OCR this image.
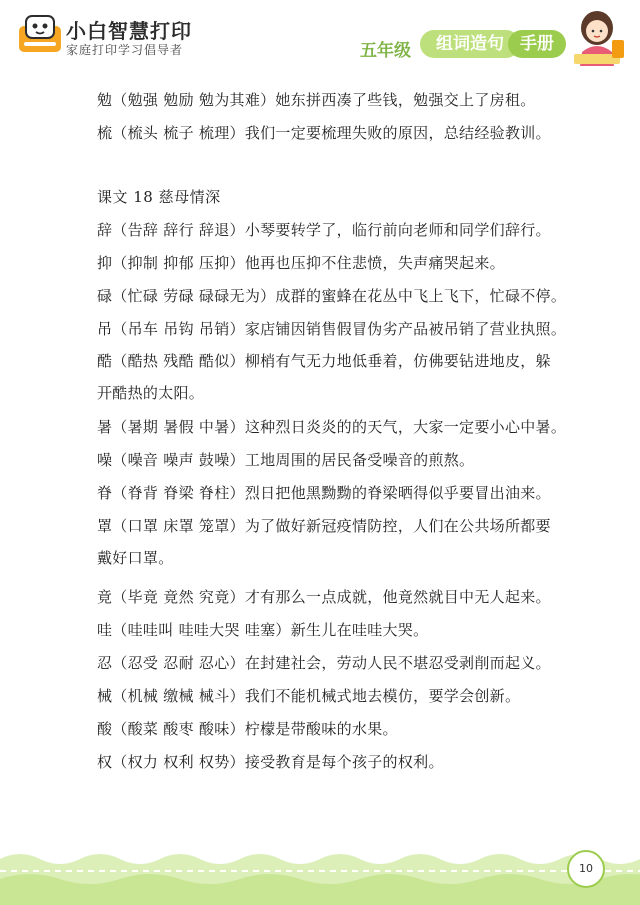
小白智慧打印
家庭打印学习倡导者	五年级	组词造句 手册
勉（勉强 勉励 勉为其难）她东拼西凑了些钱，勉强交上了房租。
梳（梳头 梳子 梳理）我们一定要梳理失败的原因，总结经验教训。
课文 18 慈母情深
辞（告辞 辞行 辞退）小琴要转学了，临行前向老师和同学们辞行。
抑（抑制 抑郁 压抑）他再也压抑不住悲愤，失声痛哭起来。
碌（忙碌 劳碌 碌碌无为）成群的蜜蜂在花丛中飞上飞下，忙碌不停。
吊（吊车 吊钩 吊销）家店铺因销售假冒伪劣产品被吊销了营业执照。
酷（酷热 残酷 酷似）柳梢有气无力地低垂着，仿佛要钻进地皮，躲
开酷热的太阳。
暑（暑期 暑假 中暑）这种烈日炎炎的的天气，大家一定要小心中暑。
噪（噪音 噪声 鼓噪）工地周围的居民备受噪音的煎熬。
脊（脊背 脊梁 脊柱）烈日把他黑黝黝的脊梁晒得似乎要冒出油来。
罩（口罩 床罩 笼罩）为了做好新冠疫情防控，人们在公共场所都要
戴好口罩。
竟（毕竟 竟然 究竟）才有那么一点成就，他竟然就目中无人起来。
哇（哇哇叫 哇哇大哭 哇塞）新生儿在哇哇大哭。
忍（忍受 忍耐 忍心）在封建社会，劳动人民不堪忍受剥削而起义。
械（机械 缴械 械斗）我们不能机械式地去模仿，要学会创新。
酸（酸菜 酸枣 酸味）柠檬是带酸味的水果。
权（权力 权利 权势）接受教育是每个孩子的权利。
10
